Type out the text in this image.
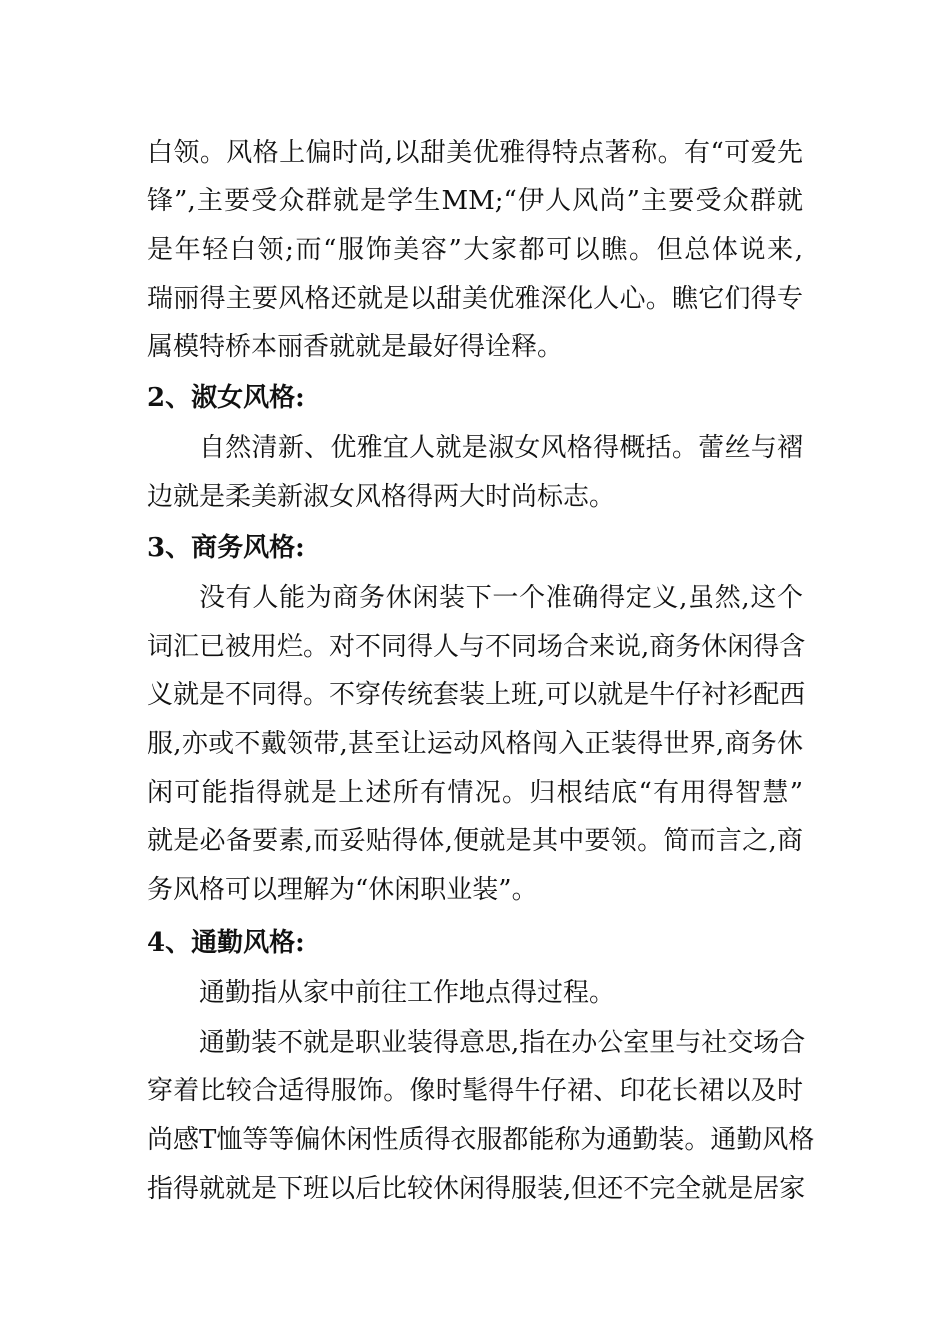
白领。风格上偏时尚,以甜美优雅得特点著称。有“可爱先
锋”,主要受众群就是学生MM;“伊人风尚”主要受众群就
是年轻白领;而“服饰美容”大家都可以瞧。但总体说来,
瑞丽得主要风格还就是以甜美优雅深化人心。瞧它们得专
属模特桥本丽香就就是最好得诠释。
2、淑女风格:
自然清新、优雅宜人就是淑女风格得概括。蕾丝与褶
边就是柔美新淑女风格得两大时尚标志。
3、商务风格:
没有人能为商务休闲装下一个准确得定义,虽然,这个
词汇已被用烂。对不同得人与不同场合来说,商务休闲得含
义就是不同得。不穿传统套装上班,可以就是牛仔衬衫配西
服,亦或不戴领带,甚至让运动风格闯入正装得世界,商务休
闲可能指得就是上述所有情况。归根结底“有用得智慧”
就是必备要素,而妥贴得体,便就是其中要领。简而言之,商
务风格可以理解为“休闲职业装”。
4、通勤风格:
通勤指从家中前往工作地点得过程。
通勤装不就是职业装得意思,指在办公室里与社交场合
穿着比较合适得服饰。像时髦得牛仔裙、印花长裙以及时
尚感T恤等等偏休闲性质得衣服都能称为通勤装。通勤风格
指得就就是下班以后比较休闲得服装,但还不完全就是居家
